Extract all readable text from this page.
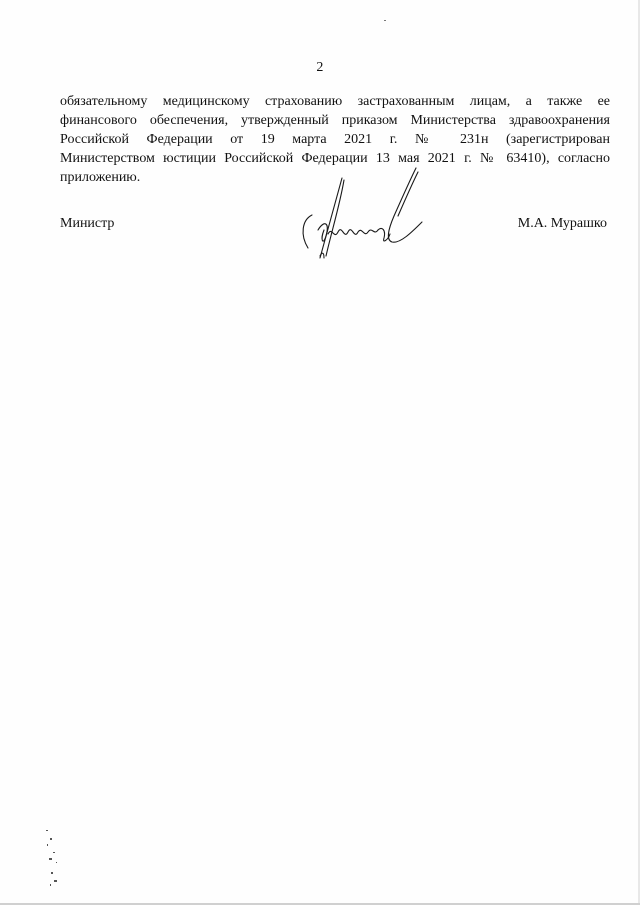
2
обязательному медицинскому страхованию застрахованным лицам, а также ее
финансового обеспечения, утвержденный приказом Министерства здравоохранения
Российской Федерации от 19 марта 2021 г. № 231н (зарегистрирован
Министерством юстиции Российской Федерации 13 мая 2021 г. № 63410), согласно
приложению.
Министр	М.А. Мурашко
